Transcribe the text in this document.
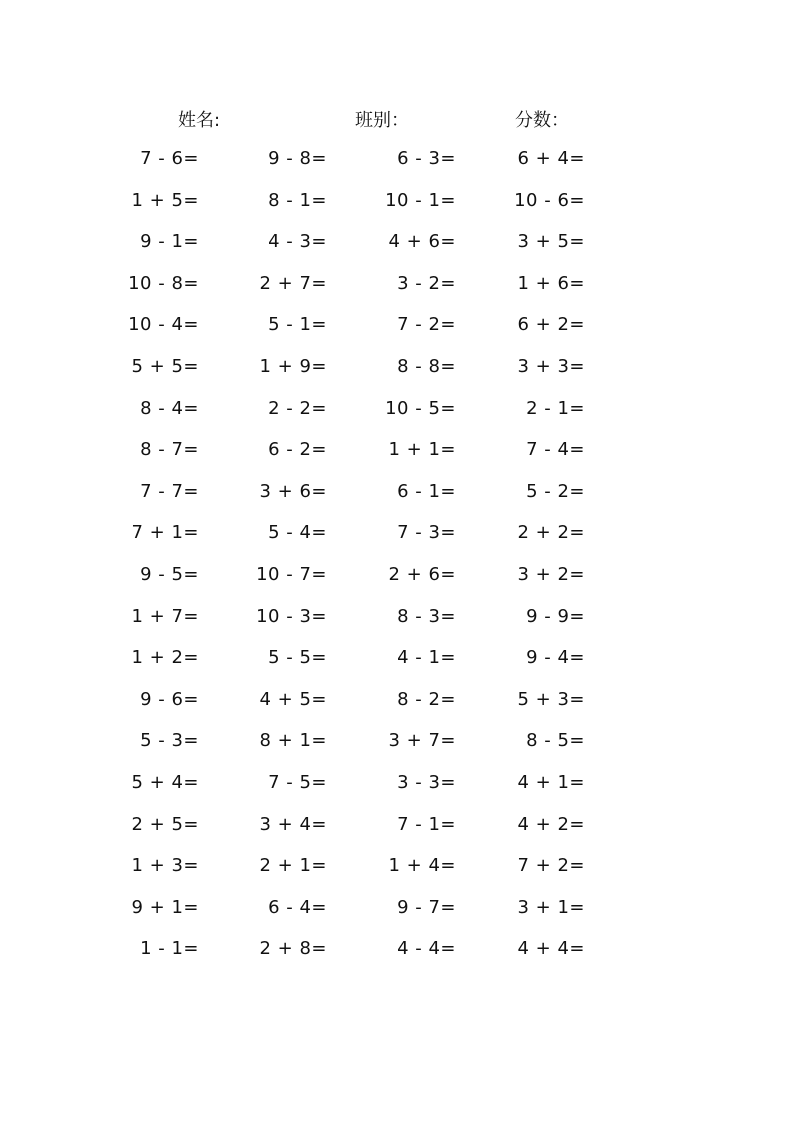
姓名:	班别：	分数：
7 - 6=	9 - 8=	6 - 3=	6 + 4=
1 + 5=	8 - 1=	10 - 1=	10 - 6=
9 - 1=	4 - 3=	4 + 6=	3 + 5=
10 - 8=	2 + 7=	3 - 2=	1 + 6=
10 - 4=	5 - 1=	7 - 2=	6 + 2=
5 + 5=	1 + 9=	8 - 8=	3 + 3=
8 - 4=	2 - 2=	10 - 5=	2 - 1=
8 - 7=	6 - 2=	1 + 1=	7 - 4=
7 - 7=	3 + 6=	6 - 1=	5 - 2=
7 + 1=	5 - 4=	7 - 3=	2 + 2=
9 - 5=	10 - 7=	2 + 6=	3 + 2=
1 + 7=	10 - 3=	8 - 3=	9 - 9=
1 + 2=	5 - 5=	4 - 1=	9 - 4=
9 - 6=	4 + 5=	8 - 2=	5 + 3=
5 - 3=	8 + 1=	3 + 7=	8 - 5=
5 + 4=	7 - 5=	3 - 3=	4 + 1=
2 + 5=	3 + 4=	7 - 1=	4 + 2=
1 + 3=	2 + 1=	1 + 4=	7 + 2=
9 + 1=	6 - 4=	9 - 7=	3 + 1=
1 - 1=	2 + 8=	4 - 4=	4 + 4=
